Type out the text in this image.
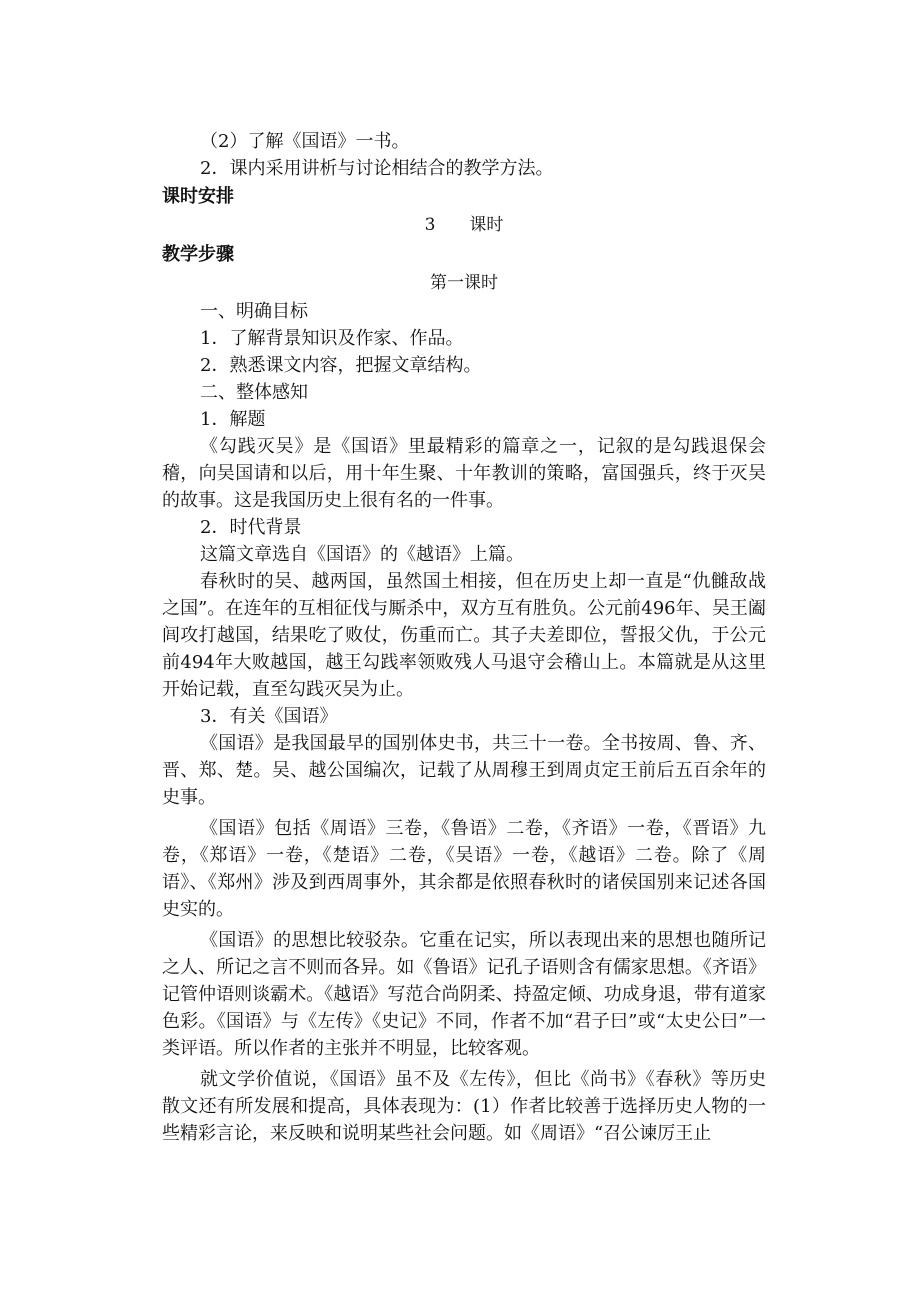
（2）了解《国语》一书。

2．课内采用讲析与讨论相结合的教学方法。

课时安排

3　　课时

教学步骤

第一课时

一、明确目标

1．了解背景知识及作家、作品。

2．熟悉课文内容，把握文章结构。

二、整体感知

1．解题

《勾践灭吴》是《国语》里最精彩的篇章之一，记叙的是勾践退保会稽，向吴国请和以后，用十年生聚、十年教训的策略，富国强兵，终于灭吴的故事。这是我国历史上很有名的一件事。

2．时代背景

这篇文章选自《国语》的《越语》上篇。

春秋时的吴、越两国，虽然国土相接，但在历史上却一直是“仇雠敌战之国”。在连年的互相征伐与厮杀中，双方互有胜负。公元前496年、吴王阖闾攻打越国，结果吃了败仗，伤重而亡。其子夫差即位，誓报父仇，于公元前494年大败越国，越王勾践率领败残人马退守会稽山上。本篇就是从这里开始记载，直至勾践灭吴为止。

3．有关《国语》

《国语》是我国最早的国别体史书，共三十一卷。全书按周、鲁、齐、晋、郑、楚。吴、越公国编次，记载了从周穆王到周贞定王前后五百余年的史事。

《国语》包括《周语》三卷，《鲁语》二卷，《齐语》一卷，《晋语》九卷，《郑语》一卷，《楚语》二卷，《吴语》一卷，《越语》二卷。除了《周语》、《郑州》涉及到西周事外，其余都是依照春秋时的诸侯国别来记述各国史实的。

《国语》的思想比较驳杂。它重在记实，所以表现出来的思想也随所记之人、所记之言不则而各异。如《鲁语》记孔子语则含有儒家思想。《齐语》记管仲语则谈霸术。《越语》写范合尚阴柔、持盈定倾、功成身退，带有道家色彩。《国语》与《左传》《史记》不同，作者不加“君子曰”或“太史公曰”一类评语。所以作者的主张并不明显，比较客观。

就文学价值说，《国语》虽不及《左传》，但比《尚书》《春秋》等历史散文还有所发展和提高，具体表现为：(1）作者比较善于选择历史人物的一些精彩言论，来反映和说明某些社会问题。如《周语》“召公谏厉王止
